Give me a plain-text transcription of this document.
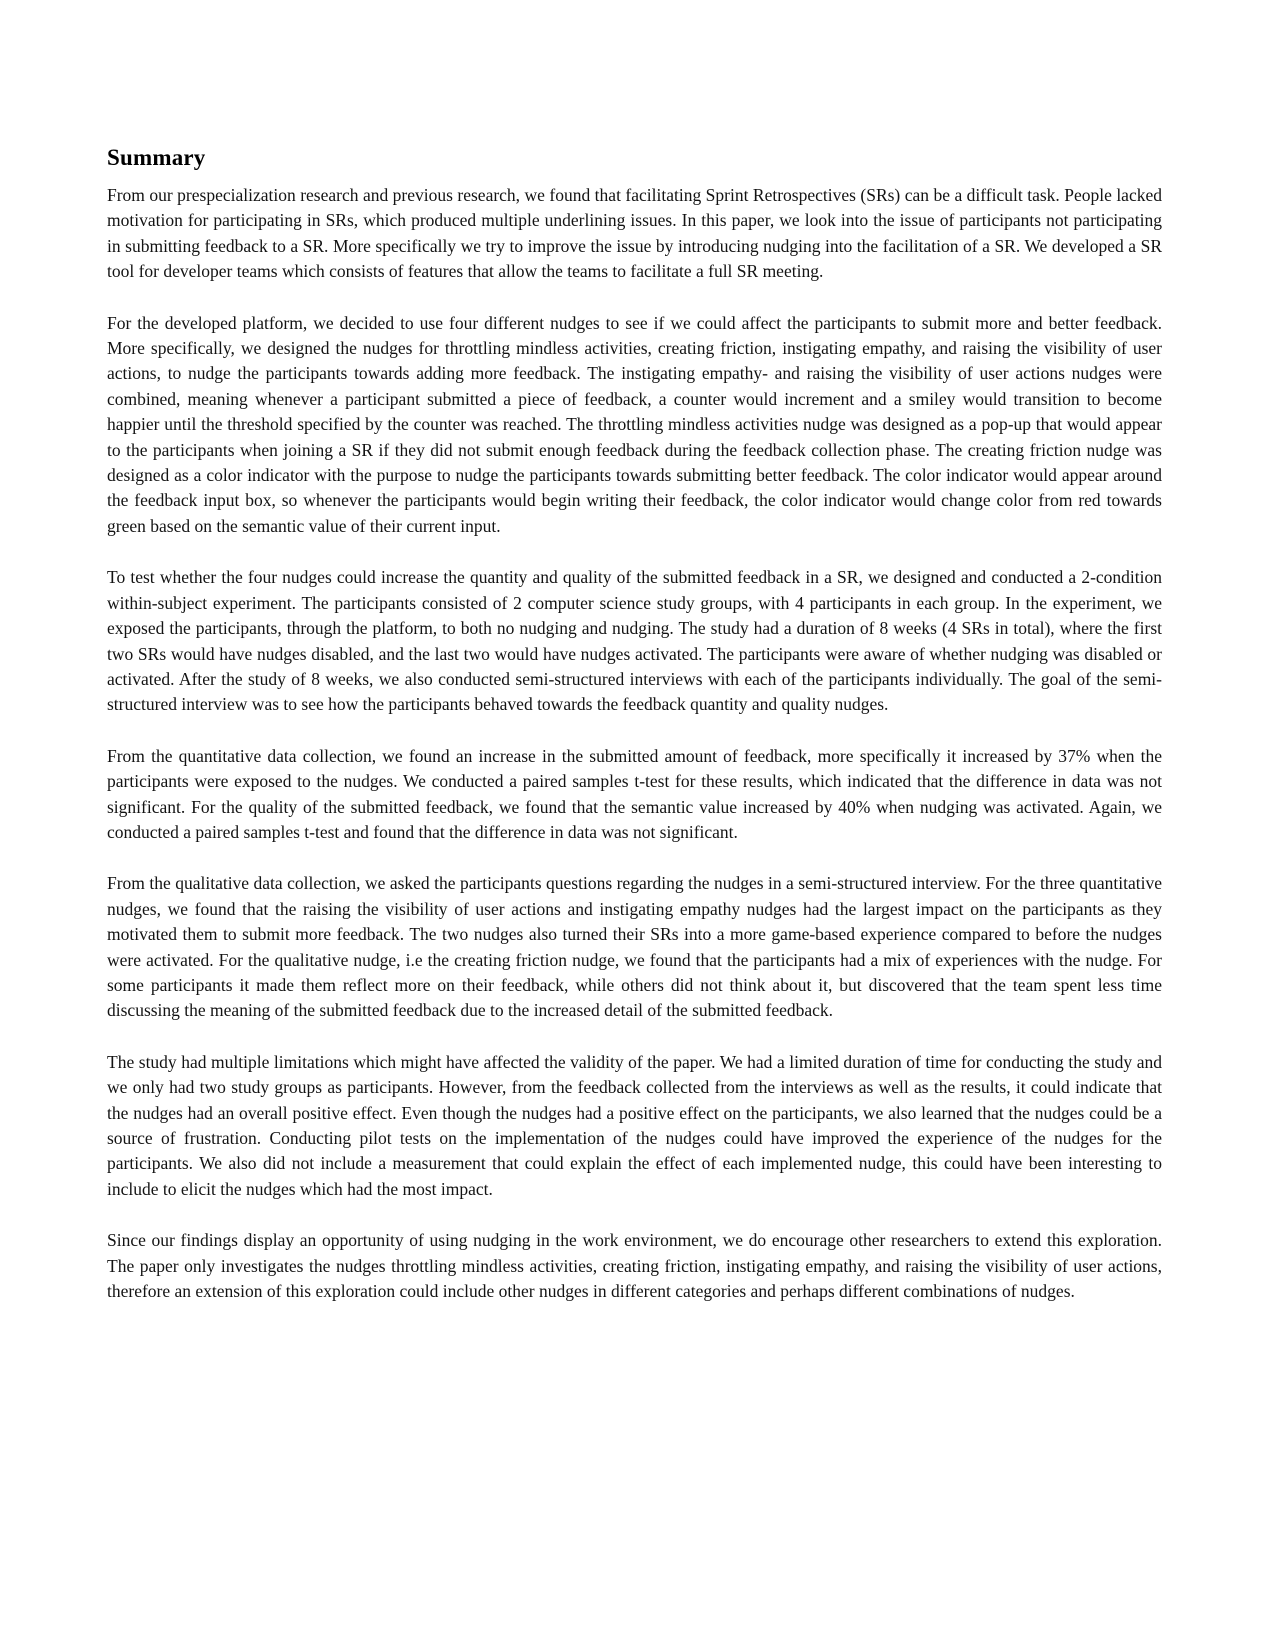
Summary

From our prespecialization research and previous research, we found that facilitating Sprint Retrospectives (SRs) can be a difficult task. People lacked motivation for participating in SRs, which produced multiple underlining issues. In this paper, we look into the issue of participants not participating in submitting feedback to a SR. More specifically we try to improve the issue by introducing nudging into the facilitation of a SR. We developed a SR tool for developer teams which consists of features that allow the teams to facilitate a full SR meeting.

For the developed platform, we decided to use four different nudges to see if we could affect the participants to submit more and better feedback. More specifically, we designed the nudges for throttling mindless activities, creating friction, instigating empathy, and raising the visibility of user actions, to nudge the participants towards adding more feedback. The instigating empathy- and raising the visibility of user actions nudges were combined, meaning whenever a participant submitted a piece of feedback, a counter would increment and a smiley would transition to become happier until the threshold specified by the counter was reached. The throttling mindless activities nudge was designed as a pop-up that would appear to the participants when joining a SR if they did not submit enough feedback during the feedback collection phase. The creating friction nudge was designed as a color indicator with the purpose to nudge the participants towards submitting better feedback. The color indicator would appear around the feedback input box, so whenever the participants would begin writing their feedback, the color indicator would change color from red towards green based on the semantic value of their current input.

To test whether the four nudges could increase the quantity and quality of the submitted feedback in a SR, we designed and conducted a 2-condition within-subject experiment. The participants consisted of 2 computer science study groups, with 4 participants in each group. In the experiment, we exposed the participants, through the platform, to both no nudging and nudging. The study had a duration of 8 weeks (4 SRs in total), where the first two SRs would have nudges disabled, and the last two would have nudges activated. The participants were aware of whether nudging was disabled or activated. After the study of 8 weeks, we also conducted semi-structured interviews with each of the participants individually. The goal of the semi-structured interview was to see how the participants behaved towards the feedback quantity and quality nudges.

From the quantitative data collection, we found an increase in the submitted amount of feedback, more specifically it increased by 37% when the participants were exposed to the nudges. We conducted a paired samples t-test for these results, which indicated that the difference in data was not significant. For the quality of the submitted feedback, we found that the semantic value increased by 40% when nudging was activated. Again, we conducted a paired samples t-test and found that the difference in data was not significant.

From the qualitative data collection, we asked the participants questions regarding the nudges in a semi-structured interview. For the three quantitative nudges, we found that the raising the visibility of user actions and instigating empathy nudges had the largest impact on the participants as they motivated them to submit more feedback. The two nudges also turned their SRs into a more game-based experience compared to before the nudges were activated. For the qualitative nudge, i.e the creating friction nudge, we found that the participants had a mix of experiences with the nudge. For some participants it made them reflect more on their feedback, while others did not think about it, but discovered that the team spent less time discussing the meaning of the submitted feedback due to the increased detail of the submitted feedback.

The study had multiple limitations which might have affected the validity of the paper. We had a limited duration of time for conducting the study and we only had two study groups as participants. However, from the feedback collected from the interviews as well as the results, it could indicate that the nudges had an overall positive effect. Even though the nudges had a positive effect on the participants, we also learned that the nudges could be a source of frustration. Conducting pilot tests on the implementation of the nudges could have improved the experience of the nudges for the participants. We also did not include a measurement that could explain the effect of each implemented nudge, this could have been interesting to include to elicit the nudges which had the most impact.

Since our findings display an opportunity of using nudging in the work environment, we do encourage other researchers to extend this exploration. The paper only investigates the nudges throttling mindless activities, creating friction, instigating empathy, and raising the visibility of user actions, therefore an extension of this exploration could include other nudges in different categories and perhaps different combinations of nudges.
